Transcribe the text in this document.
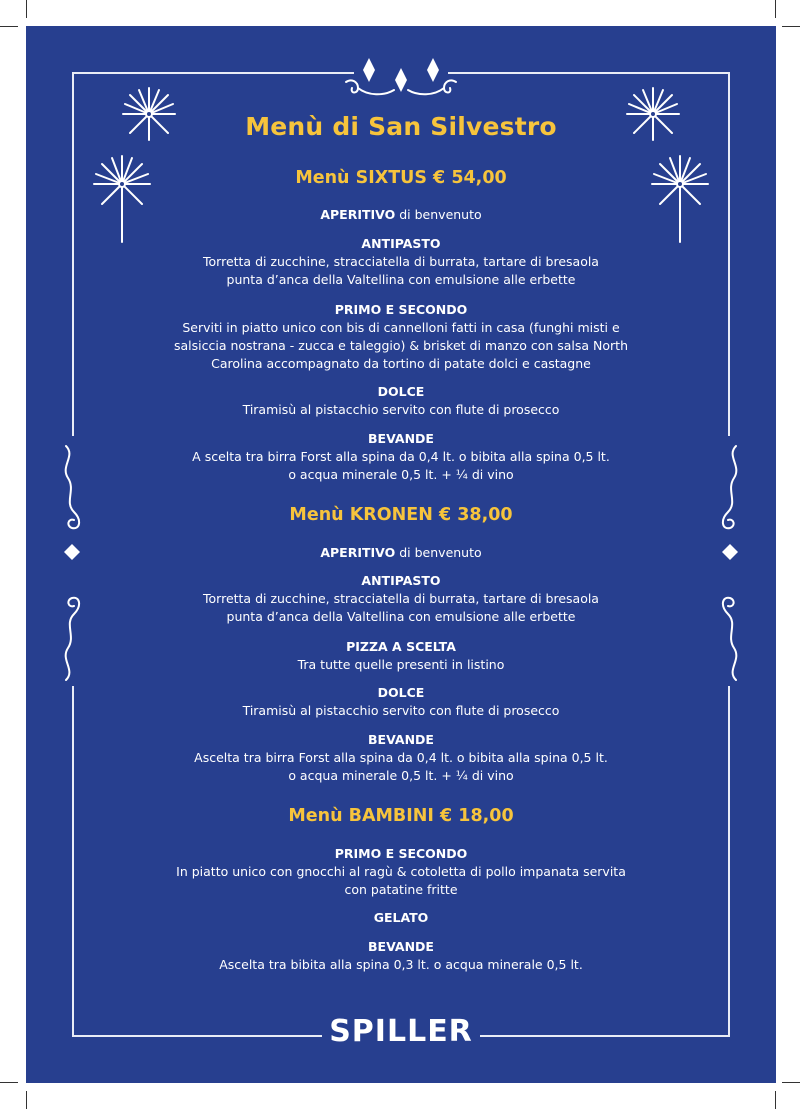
Menù di San Silvestro
Menù SIXTUS € 54,00
APERITIVO di benvenuto
ANTIPASTO
Torretta di zucchine, stracciatella di burrata, tartare di bresaola
punta d’anca della Valtellina con emulsione alle erbette
PRIMO E SECONDO
Serviti in piatto unico con bis di cannelloni fatti in casa (funghi misti e
salsiccia nostrana - zucca e taleggio) & brisket di manzo con salsa North
Carolina accompagnato da tortino di patate dolci e castagne
DOLCE
Tiramisù al pistacchio servito con flute di prosecco
BEVANDE
A scelta tra birra Forst alla spina da 0,4 lt. o bibita alla spina 0,5 lt.
o acqua minerale 0,5 lt. + ¼ di vino
Menù KRONEN € 38,00
APERITIVO di benvenuto
ANTIPASTO
Torretta di zucchine, stracciatella di burrata, tartare di bresaola
punta d’anca della Valtellina con emulsione alle erbette
PIZZA A SCELTA
Tra tutte quelle presenti in listino
DOLCE
Tiramisù al pistacchio servito con flute di prosecco
BEVANDE
Ascelta tra birra Forst alla spina da 0,4 lt. o bibita alla spina 0,5 lt.
o acqua minerale 0,5 lt. + ¼ di vino
Menù BAMBINI € 18,00
PRIMO E SECONDO
In piatto unico con gnocchi al ragù & cotoletta di pollo impanata servita
con patatine fritte
GELATO
BEVANDE
Ascelta tra bibita alla spina 0,3 lt. o acqua minerale 0,5 lt.
SPILLER
